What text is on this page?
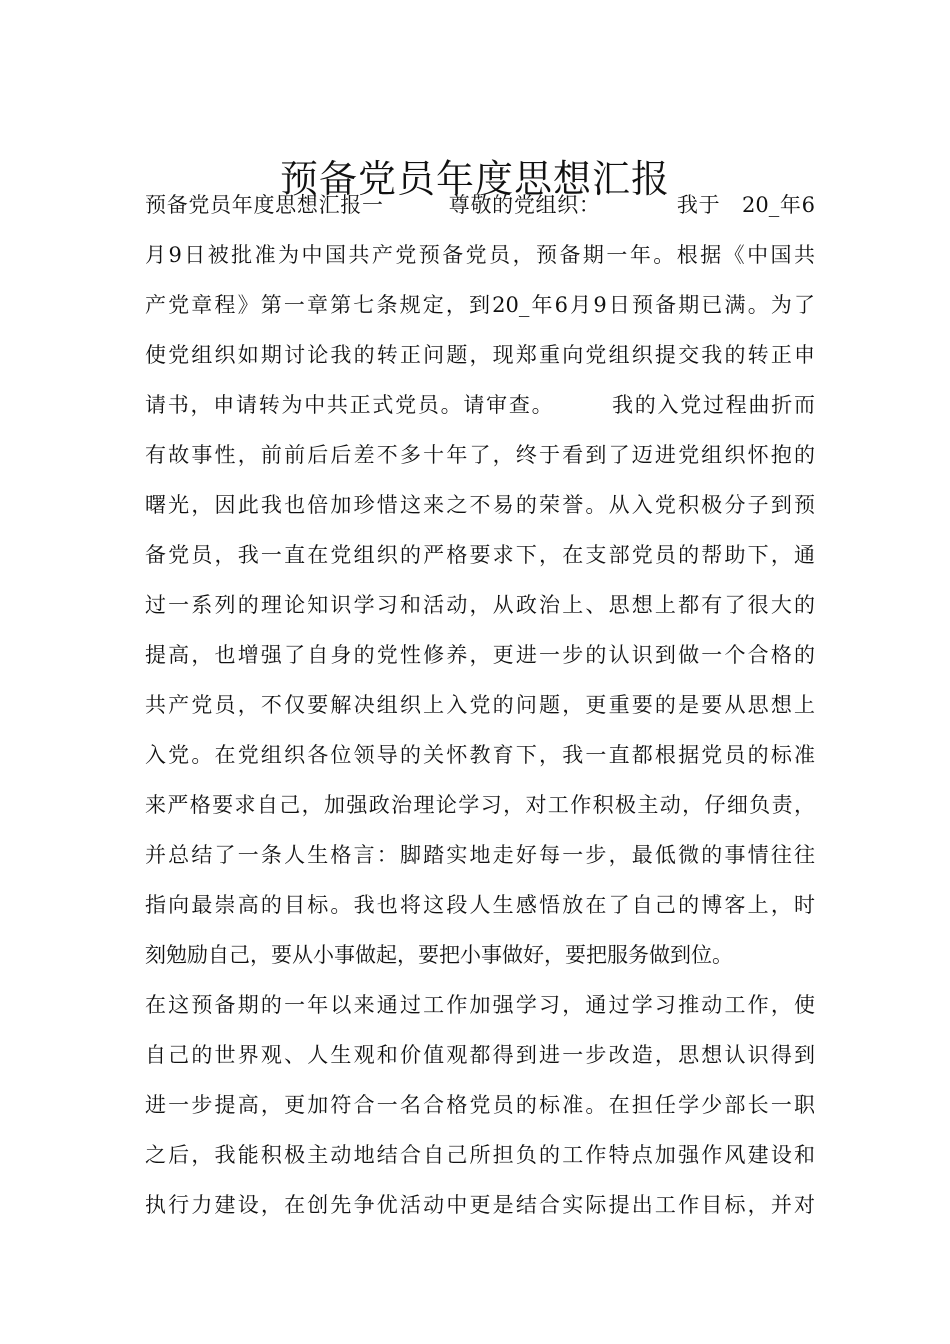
预备党员年度思想汇报
预备党员年度思想汇报一　　　尊敬的党组织：　　　　我于　20_年6
月9日被批准为中国共产党预备党员，预备期一年。根据《中国共
产党章程》第一章第七条规定，到20_年6月9日预备期已满。为了
使党组织如期讨论我的转正问题，现郑重向党组织提交我的转正申
请书，申请转为中共正式党员。请审查。　　　我的入党过程曲折而
有故事性，前前后后差不多十年了，终于看到了迈进党组织怀抱的
曙光，因此我也倍加珍惜这来之不易的荣誉。从入党积极分子到预
备党员，我一直在党组织的严格要求下，在支部党员的帮助下，通
过一系列的理论知识学习和活动，从政治上、思想上都有了很大的
提高，也增强了自身的党性修养，更进一步的认识到做一个合格的
共产党员，不仅要解决组织上入党的问题，更重要的是要从思想上
入党。在党组织各位领导的关怀教育下，我一直都根据党员的标准
来严格要求自己，加强政治理论学习，对工作积极主动，仔细负责，
并总结了一条人生格言：脚踏实地走好每一步，最低微的事情往往
指向最崇高的目标。我也将这段人生感悟放在了自己的博客上，时
刻勉励自己，要从小事做起，要把小事做好，要把服务做到位。
在这预备期的一年以来通过工作加强学习，通过学习推动工作，使
自己的世界观、人生观和价值观都得到进一步改造，思想认识得到
进一步提高，更加符合一名合格党员的标准。在担任学少部长一职
之后，我能积极主动地结合自己所担负的工作特点加强作风建设和
执行力建设，在创先争优活动中更是结合实际提出工作目标，并对
